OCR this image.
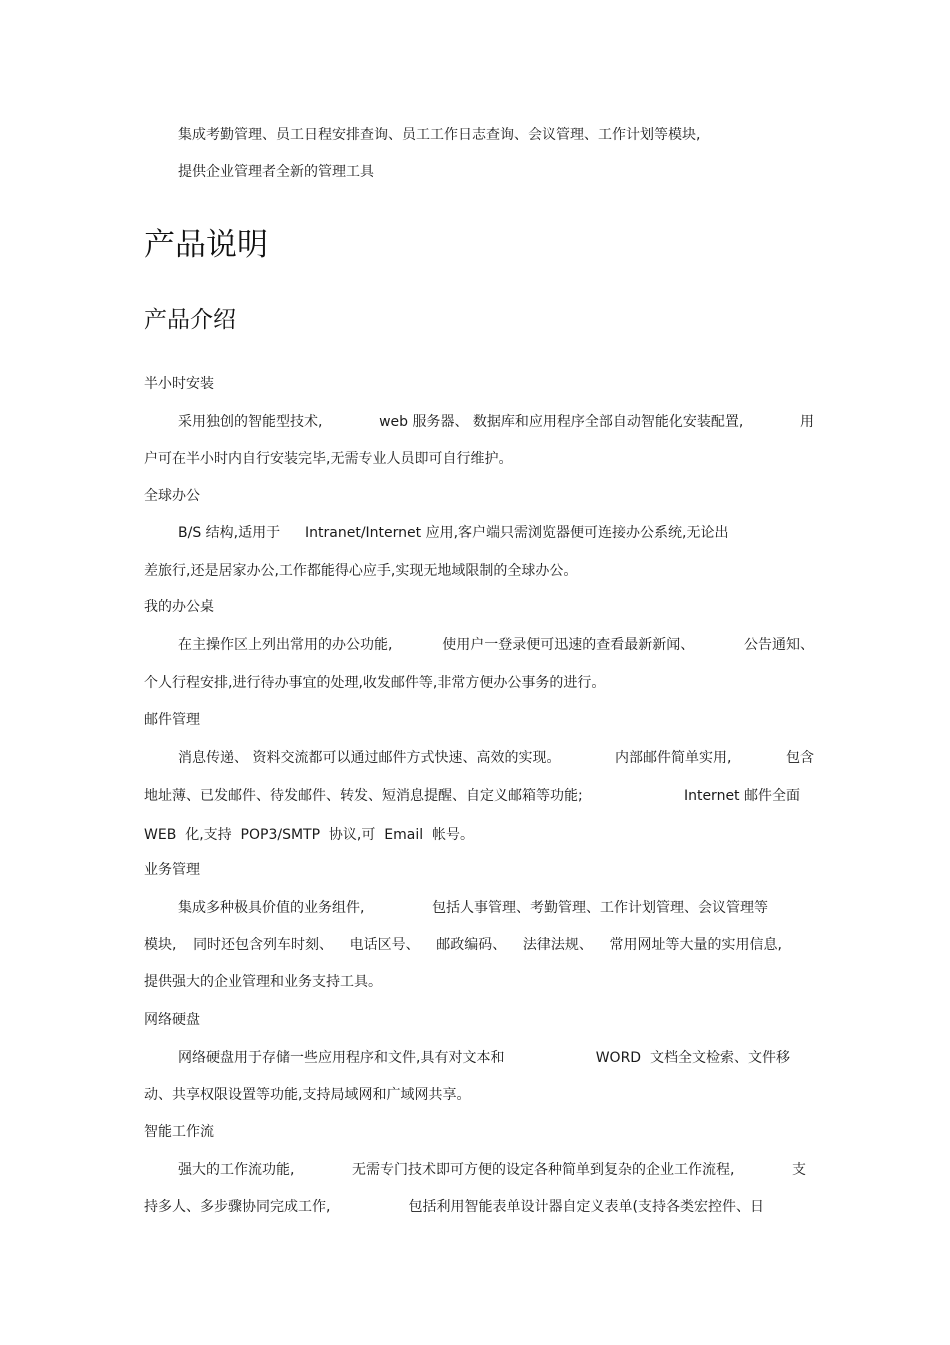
集成考勤管理、员工日程安排查询、员工工作日志查询、会议管理、工作计划等模块,
提供企业管理者全新的管理工具
产品说明
产品介绍
半小时安装
采用独创的智能型技术,	web 服务器、 数据库和应用程序全部自动智能化安装配置,	用
户可在半小时内自行安装完毕,无需专业人员即可自行维护。
全球办公
B/S 结构,适用于 Intranet/Internet 应用,客户端只需浏览器便可连接办公系统,无论出
差旅行,还是居家办公,工作都能得心应手,实现无地域限制的全球办公。
我的办公桌
在主操作区上列出常用的办公功能,	使用户一登录便可迅速的查看最新新闻、	公告通知、
个人行程安排,进行待办事宜的处理,收发邮件等,非常方便办公事务的进行。
邮件管理
消息传递、 资料交流都可以通过邮件方式快速、高效的实现。	内部邮件简单实用,	包含
地址薄、已发邮件、待发邮件、转发、短消息提醒、自定义邮箱等功能;	Internet 邮件全面
WEB  化,支持  POP3/SMTP  协议,可  Email  帐号。
业务管理
集成多种极具价值的业务组件,	包括人事管理、考勤管理、工作计划管理、会议管理等
模块, 同时还包含列车时刻、 电话区号、 邮政编码、 法律法规、 常用网址等大量的实用信息,
提供强大的企业管理和业务支持工具。
网络硬盘
网络硬盘用于存储一些应用程序和文件,具有对文本和	WORD  文档全文检索、文件移
动、共享权限设置等功能,支持局域网和广域网共享。
智能工作流
强大的工作流功能,	无需专门技术即可方便的设定各种简单到复杂的企业工作流程,	支
持多人、多步骤协同完成工作,	包括利用智能表单设计器自定义表单(支持各类宏控件、日
